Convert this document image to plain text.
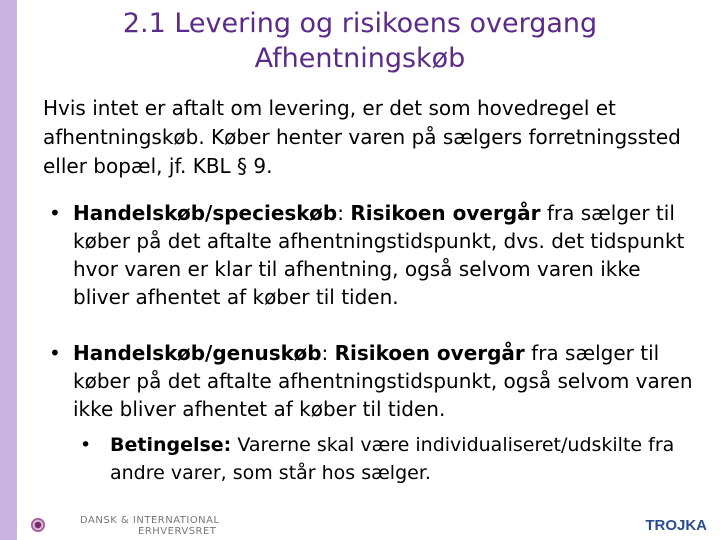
2.1 Levering og risikoens overgang
Afhentningskøb
Hvis intet er aftalt om levering, er det som hovedregel et afhentningskøb. Køber henter varen på sælgers forretningssted eller bopæl, jf. KBL § 9.
• Handelskøb/specieskøb: Risikoen overgår fra sælger til køber på det aftalte afhentningstidspunkt, dvs. det tidspunkt hvor varen er klar til afhentning, også selvom varen ikke bliver afhentet af køber til tiden.
• Handelskøb/genuskøb: Risikoen overgår fra sælger til køber på det aftalte afhentningstidspunkt, også selvom varen ikke bliver afhentet af køber til tiden.
• Betingelse: Varerne skal være individualiseret/udskilte fra andre varer, som står hos sælger.
DANSK & INTERNATIONAL
ERHVERVSRET	TROJKA
